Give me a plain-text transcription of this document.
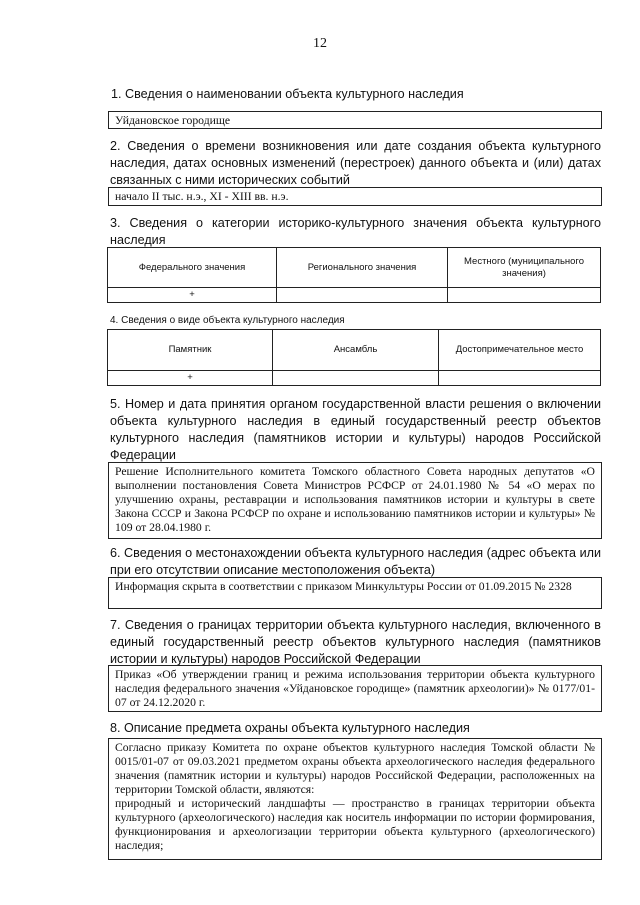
12
1. Сведения о наименовании объекта культурного наследия
Уйдановское городище
2. Сведения о времени возникновения или дате создания объекта культурного наследия, датах основных изменений (перестроек) данного объекта и (или) датах связанных с ними исторических событий
начало II тыс. н.э., XI - XIII вв. н.э.
3. Сведения о категории историко-культурного значения объекта культурного наследия
Федерального значения	Регионального значения	Местного (муниципального значения)
+		
4. Сведения о виде объекта культурного наследия
Памятник	Ансамбль	Достопримечательное место
+		
5. Номер и дата принятия органом государственной власти решения о включении объекта культурного наследия в единый государственный реестр объектов культурного наследия (памятников истории и культуры) народов Российской Федерации
Решение Исполнительного комитета Томского областного Совета народных депутатов «О выполнении постановления Совета Министров РСФСР от 24.01.1980 № 54 «О мерах по улучшению охраны, реставрации и использования памятников истории и культуры в свете Закона СССР и Закона РСФСР по охране и использованию памятников истории и культуры» № 109 от 28.04.1980 г.
6. Сведения о местонахождении объекта культурного наследия (адрес объекта или при его отсутствии описание местоположения объекта)
Информация скрыта в соответствии с приказом Минкультуры России от 01.09.2015 № 2328
7. Сведения о границах территории объекта культурного наследия, включенного в единый государственный реестр объектов культурного наследия (памятников истории и культуры) народов Российской Федерации
Приказ «Об утверждении границ и режима использования территории объекта культурного наследия федерального значения «Уйдановское городище» (памятник археологии)» № 0177/01-07 от 24.12.2020 г.
8. Описание предмета охраны объекта культурного наследия
Согласно приказу Комитета по охране объектов культурного наследия Томской области № 0015/01-07 от 09.03.2021 предметом охраны объекта археологического наследия федерального значения (памятник истории и культуры) народов Российской Федерации, расположенных на территории Томской области, являются:
природный и исторический ландшафты — пространство в границах территории объекта культурного (археологического) наследия как носитель информации по истории формирования, функционирования и археологизации территории объекта культурного (археологического) наследия;
